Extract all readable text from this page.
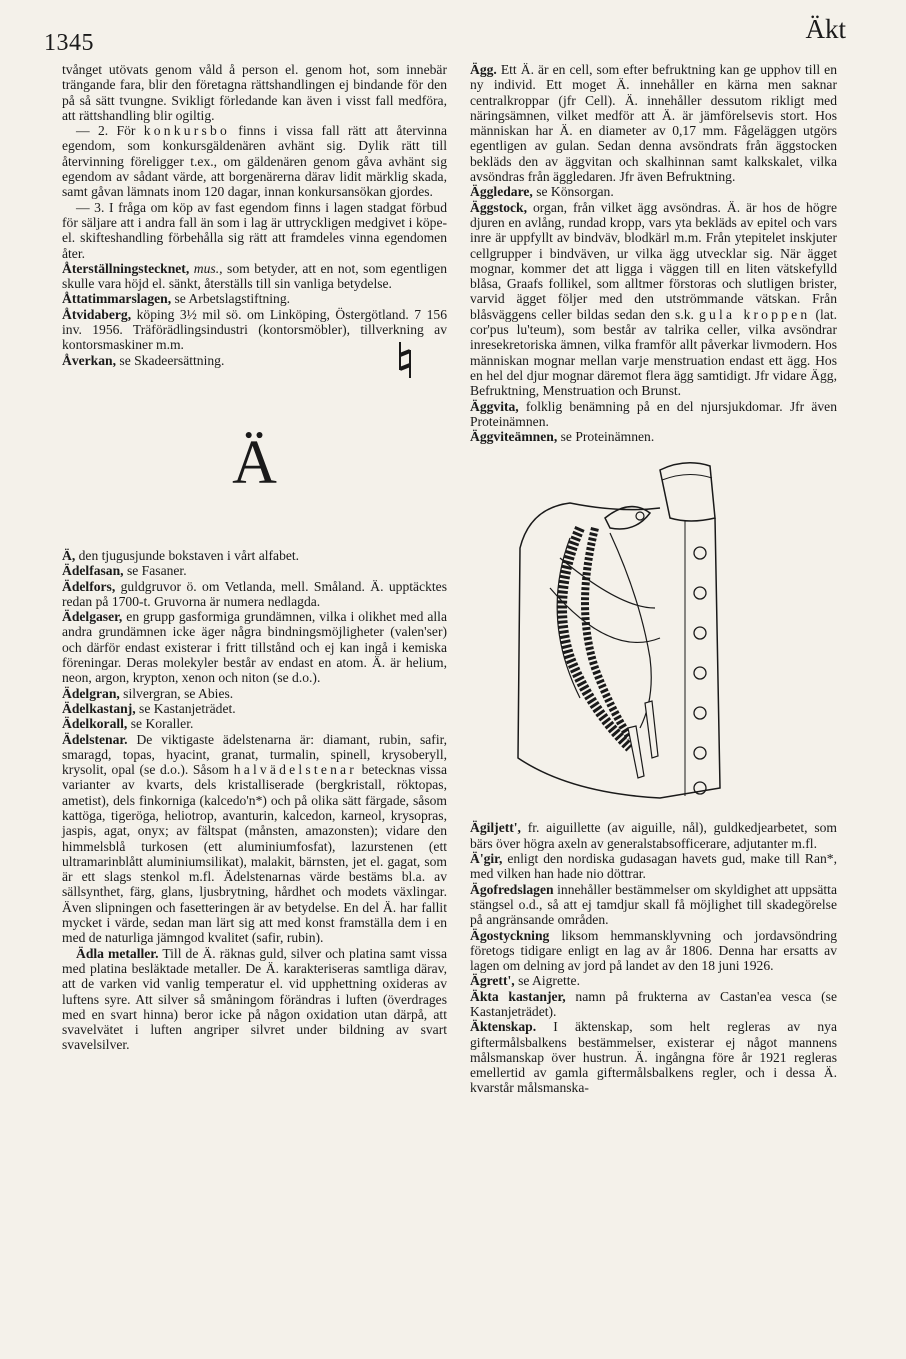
1345	Äkt

tvånget utövats genom våld å person el. genom hot, som innebär trängande fara, blir den företagna rättshandlingen ej bindande för den på så sätt tvungne. Svikligt förledande kan även i visst fall medföra, att rättshandling blir ogiltig.

— 2. För konkursbo finns i vissa fall rätt att återvinna egendom, som konkursgäldenären avhänt sig. Dylik rätt till återvinning föreligger t.ex., om gäldenären genom gåva avhänt sig egendom av sådant värde, att borgenärerna därav lidit märklig skada, samt gåvan lämnats inom 120 dagar, innan konkursansökan gjordes.

— 3. I fråga om köp av fast egendom finns i lagen stadgat förbud för säljare att i andra fall än som i lag är uttryckligen medgivet i köpe- el. skifteshandling förbehålla sig rätt att framdeles vinna egendomen åter.

Återställningstecknet, mus., som betyder, att en not, som egentligen skulle vara höjd el. sänkt, återställs till sin vanliga betydelse.

Åttatimmarslagen, se Arbetslagstiftning.

Åtvidaberg, köping 3½ mil sö. om Linköping, Östergötland. 7 156 inv. 1956. Träförädlingsindustri (kontorsmöbler), tillverkning av kontorsmaskiner m.m.

Åverkan, se Skadeersättning.

Ä

Ä, den tjugusjunde bokstaven i vårt alfabet.

Ädelfasan, se Fasaner.

Ädelfors, guldgruvor ö. om Vetlanda, mell. Småland. Ä. upptäcktes redan på 1700-t. Gruvorna är numera nedlagda.

Ädelgaser, en grupp gasformiga grundämnen, vilka i olikhet med alla andra grundämnen icke äger några bindningsmöjligheter (valen'ser) och därför endast existerar i fritt tillstånd och ej kan ingå i kemiska föreningar. Deras molekyler består av endast en atom. Ä. är helium, neon, argon, krypton, xenon och niton (se d.o.).

Ädelgran, silvergran, se Abies.

Ädelkastanj, se Kastanjeträdet.

Ädelkorall, se Koraller.

Ädelstenar. De viktigaste ädelstenarna är: diamant, rubin, safir, smaragd, topas, hyacint, granat, turmalin, spinell, krysoberyll, krysolit, opal (se d.o.). Såsom halvädelstenar betecknas vissa varianter av kvarts, dels kristalliserade (bergkristall, röktopas, ametist), dels finkorniga (kalcedo'n*) och på olika sätt färgade, såsom kattöga, tigeröga, heliotrop, avanturin, kalcedon, karneol, krysopras, jaspis, agat, onyx; av fältspat (månsten, amazonsten); vidare den himmelsblå turkosen (ett aluminiumfosfat), lazurstenen (ett ultramarinblått aluminiumsilikat), malakit, bärnsten, jet el. gagat, som är ett slags stenkol m.fl. Ädelstenarnas värde bestäms bl.a. av sällsynthet, färg, glans, ljusbrytning, hårdhet och modets växlingar. Även slipningen och fasetteringen är av betydelse. En del Ä. har fallit mycket i värde, sedan man lärt sig att med konst framställa dem i en med de naturliga jämngod kvalitet (safir, rubin).

Ädla metaller. Till de Ä. räknas guld, silver och platina samt vissa med platina besläktade metaller. De Ä. karakteriseras samtliga därav, att de varken vid vanlig temperatur el. vid upphettning oxideras av luftens syre. Att silver så småningom förändras i luften (överdrages med en svart hinna) beror icke på någon oxidation utan därpå, att svavelvätet i luften angriper silvret under bildning av svart svavelsilver.

Ägg. Ett Ä. är en cell, som efter befruktning kan ge upphov till en ny individ. Ett moget Ä. innehåller en kärna men saknar centralkroppar (jfr Cell). Ä. innehåller dessutom rikligt med näringsämnen, vilket medför att Ä. är jämförelsevis stort. Hos människan har Ä. en diameter av 0,17 mm. Fågeläggen utgörs egentligen av gulan. Sedan denna avsöndrats från äggstocken bekläds den av äggvitan och skalhinnan samt kalkskalet, vilka avsöndras från äggledaren. Jfr även Befruktning.

Äggledare, se Könsorgan.

Äggstock, organ, från vilket ägg avsöndras. Ä. är hos de högre djuren en avlång, rundad kropp, vars yta bekläds av epitel och vars inre är uppfyllt av bindväv, blodkärl m.m. Från ytepitelet inskjuter cellgrupper i bindväven, ur vilka ägg utvecklar sig. När ägget mognar, kommer det att ligga i väggen till en liten vätskefylld blåsa, Graafs follikel, som alltmer förstoras och slutligen brister, varvid ägget följer med den utströmmande vätskan. Från blåsväggens celler bildas sedan den s.k. gula kroppen (lat. cor'pus lu'teum), som består av talrika celler, vilka avsöndrar inresekretoriska ämnen, vilka framför allt påverkar livmodern. Hos människan mognar mellan varje menstruation endast ett ägg. Hos en hel del djur mognar däremot flera ägg samtidigt. Jfr vidare Ägg, Befruktning, Menstruation och Brunst.

Äggvita, folklig benämning på en del njursjukdomar. Jfr även Proteinämnen.

Äggviteämnen, se Proteinämnen.

Ägiljett', fr. aiguillette (av aiguille, nål), guldkedjearbetet, som bärs över högra axeln av generalstabsofficerare, adjutanter m.fl.

Ä'gir, enligt den nordiska gudasagan havets gud, make till Ran*, med vilken han hade nio döttrar.

Ägofredslagen innehåller bestämmelser om skyldighet att uppsätta stängsel o.d., så att ej tamdjur skall få möjlighet till skadegörelse på angränsande områden.

Ägostyckning liksom hemmansklyvning och jordavsöndring företogs tidigare enligt en lag av år 1806. Denna har ersatts av lagen om delning av jord på landet av den 18 juni 1926.

Ägrett', se Aigrette.

Äkta kastanjer, namn på frukterna av Castan'ea vesca (se Kastanjeträdet).

Äktenskap. I äktenskap, som helt regleras av nya giftermålsbalkens bestämmelser, existerar ej något mannens målsmanskap över hustrun. Ä. ingångna före år 1921 regleras emellertid av gamla giftermålsbalkens regler, och i dessa Ä. kvarstår målsmanska-
